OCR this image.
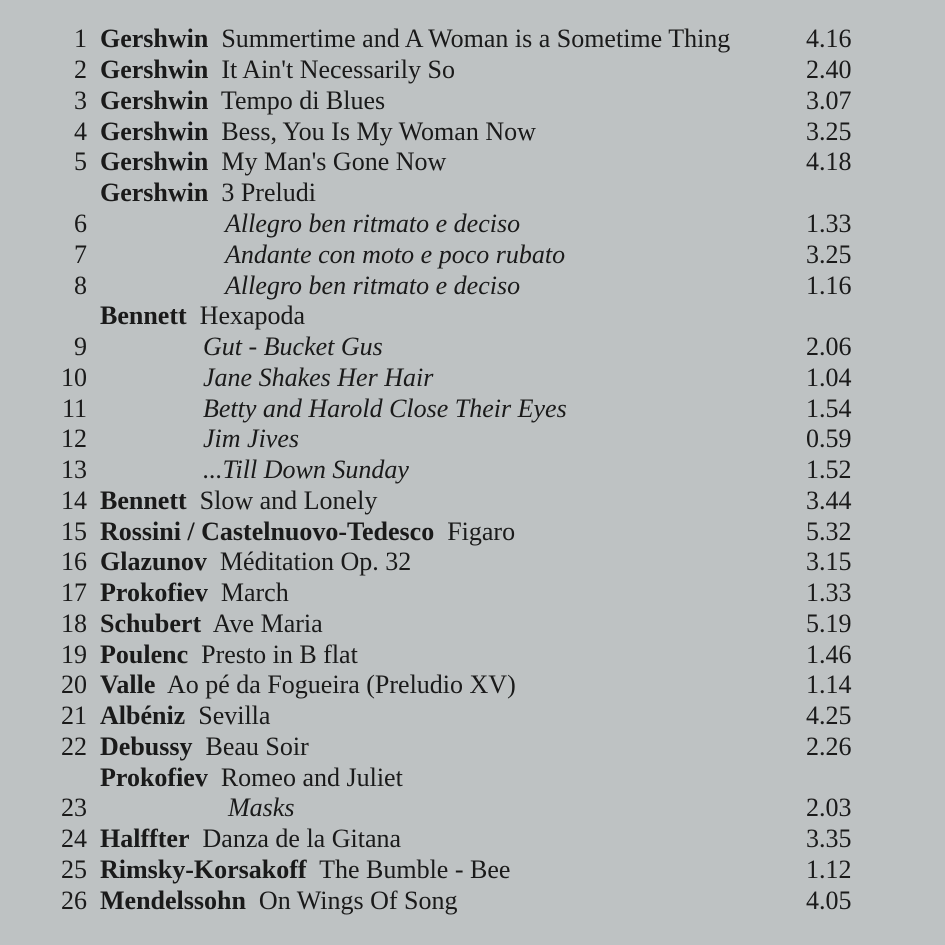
1 Gershwin Summertime and A Woman is a Sometime Thing	4.16
2 Gershwin It Ain't Necessarily So	2.40
3 Gershwin Tempo di Blues	3.07
4 Gershwin Bess, You Is My Woman Now	3.25
5 Gershwin My Man's Gone Now	4.18
Gershwin 3 Preludi
6	Allegro ben ritmato e deciso	1.33
7	Andante con moto e poco rubato	3.25
8	Allegro ben ritmato e deciso	1.16
Bennett Hexapoda
9	Gut - Bucket Gus	2.06
10	Jane Shakes Her Hair	1.04
11	Betty and Harold Close Their Eyes	1.54
12	Jim Jives	0.59
13	...Till Down Sunday	1.52
14 Bennett Slow and Lonely	3.44
15 Rossini / Castelnuovo-Tedesco Figaro	5.32
16 Glazunov Méditation Op. 32	3.15
17 Prokofiev March	1.33
18 Schubert Ave Maria	5.19
19 Poulenc Presto in B flat	1.46
20 Valle Ao pé da Fogueira (Preludio XV)	1.14
21 Albéniz Sevilla	4.25
22 Debussy Beau Soir	2.26
Prokofiev Romeo and Juliet
23	Masks	2.03
24 Halffter Danza de la Gitana	3.35
25 Rimsky-Korsakoff The Bumble - Bee	1.12
26 Mendelssohn On Wings Of Song	4.05
